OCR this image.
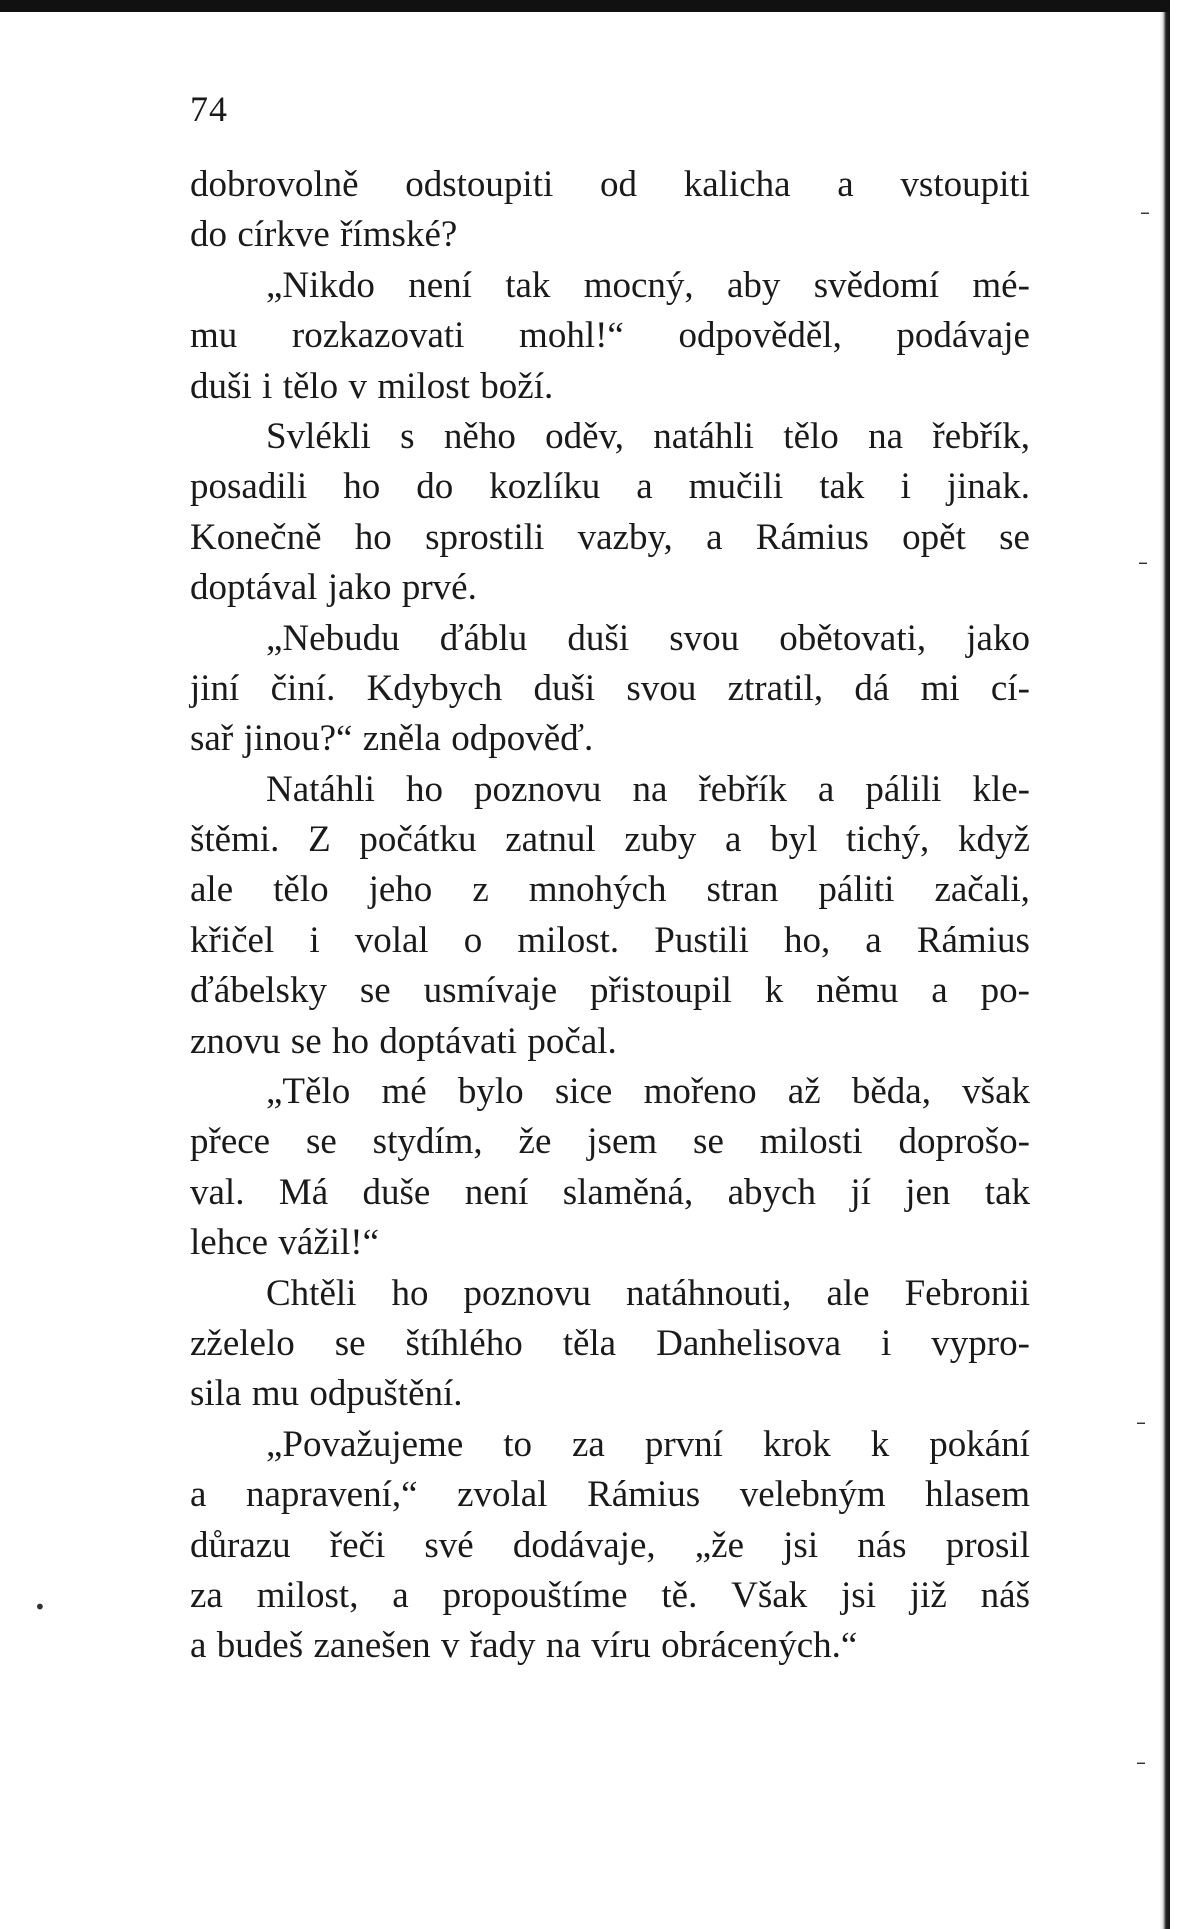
74
dobrovolně odstoupiti od kalicha a vstoupiti
do církve římské?
„Nikdo není tak mocný, aby svědomí mé-
mu rozkazovati mohl!“ odpověděl, podávaje
duši i tělo v milost boží.
Svlékli s něho oděv, natáhli tělo na řebřík,
posadili ho do kozlíku a mučili tak i jinak.
Konečně ho sprostili vazby, a Rámius opět se
doptával jako prvé.
„Nebudu ďáblu duši svou obětovati, jako
jiní činí. Kdybych duši svou ztratil, dá mi cí-
sař jinou?“ zněla odpověď.
Natáhli ho poznovu na řebřík a pálili kle-
štěmi. Z počátku zatnul zuby a byl tichý, když
ale tělo jeho z mnohých stran páliti začali,
křičel i volal o milost. Pustili ho, a Rámius
ďábelsky se usmívaje přistoupil k němu a po-
znovu se ho doptávati počal.
„Tělo mé bylo sice mořeno až běda, však
přece se stydím, že jsem se milosti doprošo-
val. Má duše není slaměná, abych jí jen tak
lehce vážil!“
Chtěli ho poznovu natáhnouti, ale Febronii
zželelo se štíhlého těla Danhelisova i vypro-
sila mu odpuštění.
„Považujeme to za první krok k pokání
a napravení,“ zvolal Rámius velebným hlasem
důrazu řeči své dodávaje, „že jsi nás prosil
za milost, a propouštíme tě. Však jsi již náš
a budeš zanešen v řady na víru obrácených.“
–
–
–
–
•
